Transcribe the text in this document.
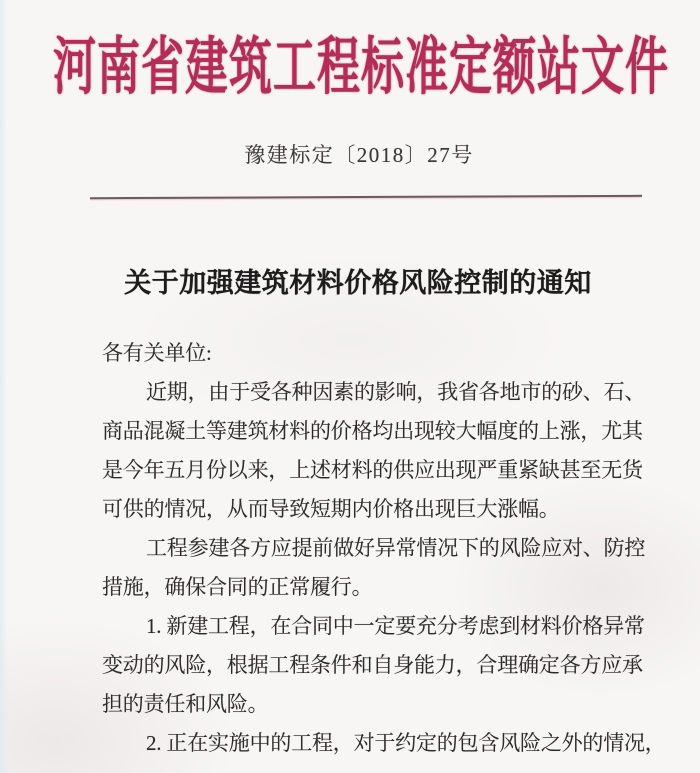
河南省建筑工程标准定额站文件
豫建标定〔2018〕27号
关于加强建筑材料价格风险控制的通知
各有关单位:
近期，由于受各种因素的影响，我省各地市的砂、石、
商品混凝土等建筑材料的价格均出现较大幅度的上涨，尤其
是今年五月份以来，上述材料的供应出现严重紧缺甚至无货
可供的情况，从而导致短期内价格出现巨大涨幅。
工程参建各方应提前做好异常情况下的风险应对、防控
措施，确保合同的正常履行。
1. 新建工程，在合同中一定要充分考虑到材料价格异常
变动的风险，根据工程条件和自身能力，合理确定各方应承
担的责任和风险。
2. 正在实施中的工程，对于约定的包含风险之外的情况，
